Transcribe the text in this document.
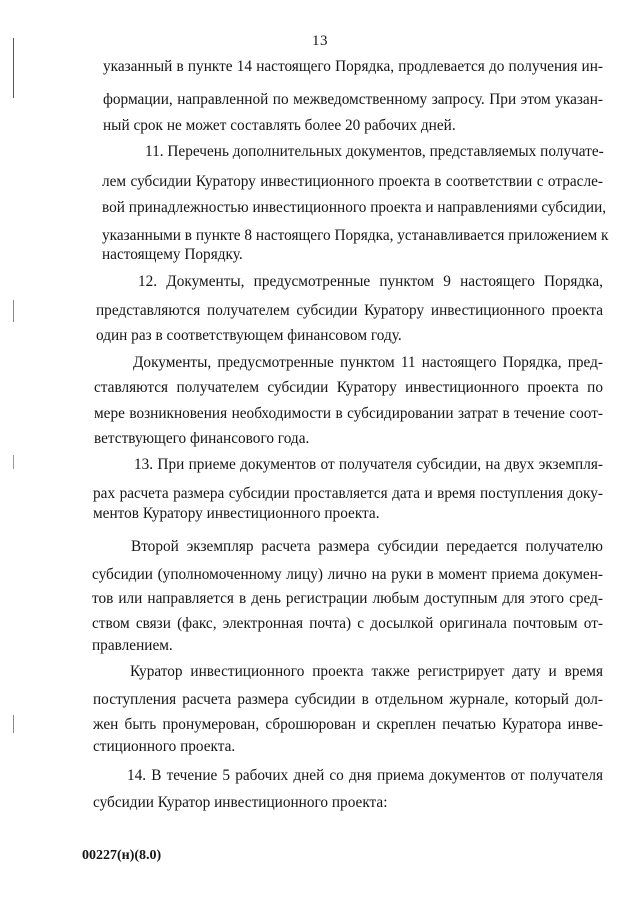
13
указанный в пункте 14 настоящего Порядка, продлевается до получения ин-
формации, направленной по межведомственному запросу. При этом указан-
ный срок не может составлять более 20 рабочих дней.
11. Перечень дополнительных документов, представляемых получате-
лем субсидии Куратору инвестиционного проекта в соответствии с отрасле-
вой принадлежностью инвестиционного проекта и направлениями субсидии,
указанными в пункте 8 настоящего Порядка, устанавливается приложением к
настоящему Порядку.
12. Документы, предусмотренные пунктом 9 настоящего Порядка,
представляются получателем субсидии Куратору инвестиционного проекта
один раз в соответствующем финансовом году.
Документы, предусмотренные пунктом 11 настоящего Порядка, пред-
ставляются получателем субсидии Куратору инвестиционного проекта по
мере возникновения необходимости в субсидировании затрат в течение соот-
ветствующего финансового года.
13. При приеме документов от получателя субсидии, на двух экземпля-
рах расчета размера субсидии проставляется дата и время поступления доку-
ментов Куратору инвестиционного проекта.
Второй экземпляр расчета размера субсидии передается получателю
субсидии (уполномоченному лицу) лично на руки в момент приема докумен-
тов или направляется в день регистрации любым доступным для этого сред-
ством связи (факс, электронная почта) с досылкой оригинала почтовым от-
правлением.
Куратор инвестиционного проекта также регистрирует дату и время
поступления расчета размера субсидии в отдельном журнале, который дол-
жен быть пронумерован, сброшюрован и скреплен печатью Куратора инве-
стиционного проекта.
14. В течение 5 рабочих дней со дня приема документов от получателя
субсидии Куратор инвестиционного проекта:
00227(н)(8.0)
